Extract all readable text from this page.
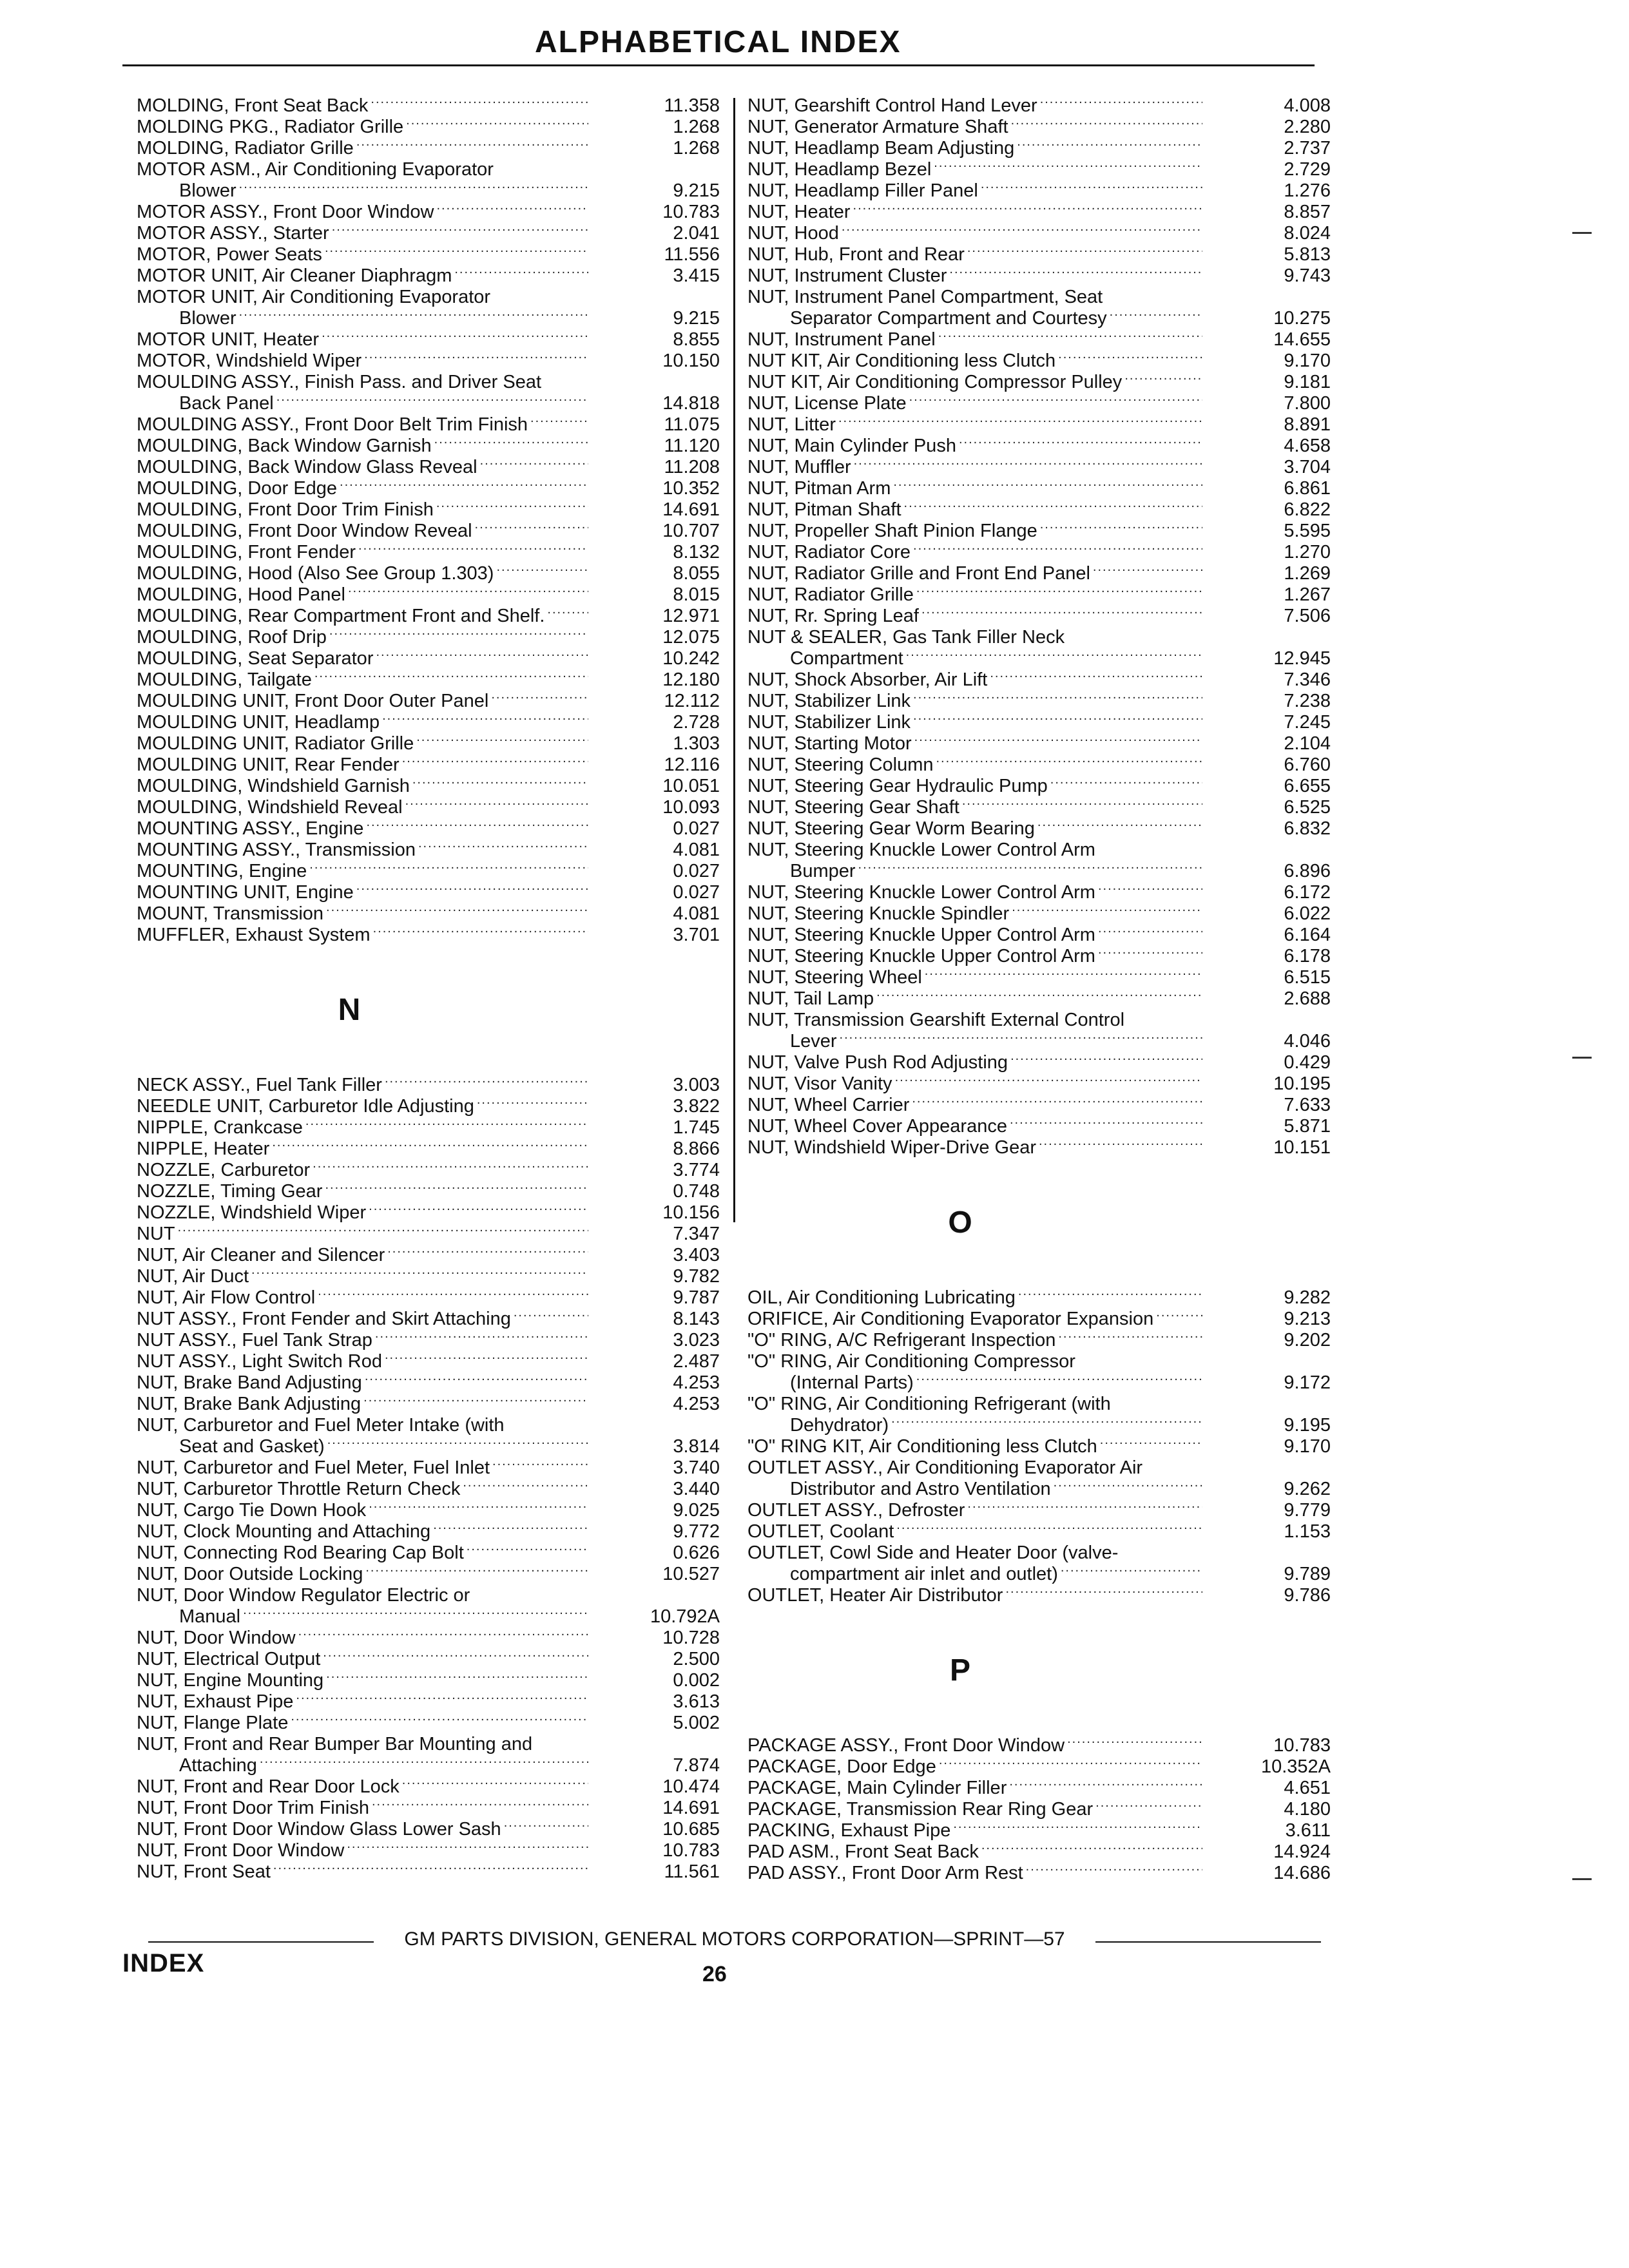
ALPHABETICAL INDEX
MOLDING, Front Seat Back .....	11.358
MOLDING PKG., Radiator Grille .....	1.268
MOLDING, Radiator Grille .....	1.268
MOTOR ASM., Air Conditioning Evaporator
Blower .....	9.215
MOTOR ASSY., Front Door Window .....	10.783
MOTOR ASSY., Starter .....	2.041
MOTOR, Power Seats .....	11.556
MOTOR UNIT, Air Cleaner Diaphragm .....	3.415
MOTOR UNIT, Air Conditioning Evaporator
Blower .....	9.215
MOTOR UNIT, Heater .....	8.855
MOTOR, Windshield Wiper .....	10.150
MOULDING ASSY., Finish Pass. and Driver Seat
Back Panel .....	14.818
MOULDING ASSY., Front Door Belt Trim Finish .....	11.075
MOULDING, Back Window Garnish .....	11.120
MOULDING, Back Window Glass Reveal .....	11.208
MOULDING, Door Edge .....	10.352
MOULDING, Front Door Trim Finish .....	14.691
MOULDING, Front Door Window Reveal .....	10.707
MOULDING, Front Fender .....	8.132
MOULDING, Hood (Also See Group 1.303) .....	8.055
MOULDING, Hood Panel .....	8.015
MOULDING, Rear Compartment Front and Shelf. .....	12.971
MOULDING, Roof Drip .....	12.075
MOULDING, Seat Separator .....	10.242
MOULDING, Tailgate .....	12.180
MOULDING UNIT, Front Door Outer Panel .....	12.112
MOULDING UNIT, Headlamp .....	2.728
MOULDING UNIT, Radiator Grille .....	1.303
MOULDING UNIT, Rear Fender .....	12.116
MOULDING, Windshield Garnish .....	10.051
MOULDING, Windshield Reveal .....	10.093
MOUNTING ASSY., Engine .....	0.027
MOUNTING ASSY., Transmission .....	4.081
MOUNTING, Engine .....	0.027
MOUNTING UNIT, Engine .....	0.027
MOUNT, Transmission .....	4.081
MUFFLER, Exhaust System .....	3.701
N
NECK ASSY., Fuel Tank Filler .....	3.003
NEEDLE UNIT, Carburetor Idle Adjusting .....	3.822
NIPPLE, Crankcase .....	1.745
NIPPLE, Heater .....	8.866
NOZZLE, Carburetor .....	3.774
NOZZLE, Timing Gear .....	0.748
NOZZLE, Windshield Wiper .....	10.156
NUT .....	7.347
NUT, Air Cleaner and Silencer .....	3.403
NUT, Air Duct .....	9.782
NUT, Air Flow Control .....	9.787
NUT ASSY., Front Fender and Skirt Attaching .....	8.143
NUT ASSY., Fuel Tank Strap .....	3.023
NUT ASSY., Light Switch Rod .....	2.487
NUT, Brake Band Adjusting .....	4.253
NUT, Brake Bank Adjusting .....	4.253
NUT, Carburetor and Fuel Meter Intake (with
Seat and Gasket) .....	3.814
NUT, Carburetor and Fuel Meter, Fuel Inlet .....	3.740
NUT, Carburetor Throttle Return Check .....	3.440
NUT, Cargo Tie Down Hook .....	9.025
NUT, Clock Mounting and Attaching .....	9.772
NUT, Connecting Rod Bearing Cap Bolt .....	0.626
NUT, Door Outside Locking .....	10.527
NUT, Door Window Regulator Electric or
Manual .....	10.792A
NUT, Door Window .....	10.728
NUT, Electrical Output .....	2.500
NUT, Engine Mounting .....	0.002
NUT, Exhaust Pipe .....	3.613
NUT, Flange Plate .....	5.002
NUT, Front and Rear Bumper Bar Mounting and
Attaching .....	7.874
NUT, Front and Rear Door Lock .....	10.474
NUT, Front Door Trim Finish .....	14.691
NUT, Front Door Window Glass Lower Sash .....	10.685
NUT, Front Door Window .....	10.783
NUT, Front Seat .....	11.561
NUT, Gearshift Control Hand Lever .....	4.008
NUT, Generator Armature Shaft .....	2.280
NUT, Headlamp Beam Adjusting .....	2.737
NUT, Headlamp Bezel .....	2.729
NUT, Headlamp Filler Panel .....	1.276
NUT, Heater .....	8.857
NUT, Hood .....	8.024
NUT, Hub, Front and Rear .....	5.813
NUT, Instrument Cluster .....	9.743
NUT, Instrument Panel Compartment, Seat
Separator Compartment and Courtesy .....	10.275
NUT, Instrument Panel .....	14.655
NUT KIT, Air Conditioning less Clutch .....	9.170
NUT KIT, Air Conditioning Compressor Pulley .....	9.181
NUT, License Plate .....	7.800
NUT, Litter .....	8.891
NUT, Main Cylinder Push .....	4.658
NUT, Muffler .....	3.704
NUT, Pitman Arm .....	6.861
NUT, Pitman Shaft .....	6.822
NUT, Propeller Shaft Pinion Flange .....	5.595
NUT, Radiator Core .....	1.270
NUT, Radiator Grille and Front End Panel .....	1.269
NUT, Radiator Grille .....	1.267
NUT, Rr. Spring Leaf .....	7.506
NUT & SEALER, Gas Tank Filler Neck
Compartment .....	12.945
NUT, Shock Absorber, Air Lift .....	7.346
NUT, Stabilizer Link .....	7.238
NUT, Stabilizer Link .....	7.245
NUT, Starting Motor .....	2.104
NUT, Steering Column .....	6.760
NUT, Steering Gear Hydraulic Pump .....	6.655
NUT, Steering Gear Shaft .....	6.525
NUT, Steering Gear Worm Bearing .....	6.832
NUT, Steering Knuckle Lower Control Arm
Bumper .....	6.896
NUT, Steering Knuckle Lower Control Arm .....	6.172
NUT, Steering Knuckle Spindler .....	6.022
NUT, Steering Knuckle Upper Control Arm .....	6.164
NUT, Steering Knuckle Upper Control Arm .....	6.178
NUT, Steering Wheel .....	6.515
NUT, Tail Lamp .....	2.688
NUT, Transmission Gearshift External Control
Lever .....	4.046
NUT, Valve Push Rod Adjusting .....	0.429
NUT, Visor Vanity .....	10.195
NUT, Wheel Carrier .....	7.633
NUT, Wheel Cover Appearance .....	5.871
NUT, Windshield Wiper-Drive Gear .....	10.151
O
OIL, Air Conditioning Lubricating .....	9.282
ORIFICE, Air Conditioning Evaporator Expansion .....	9.213
"O" RING, A/C Refrigerant Inspection .....	9.202
"O" RING, Air Conditioning Compressor
(Internal Parts) .....	9.172
"O" RING, Air Conditioning Refrigerant (with
Dehydrator) .....	9.195
"O" RING KIT, Air Conditioning less Clutch .....	9.170
OUTLET ASSY., Air Conditioning Evaporator Air
Distributor and Astro Ventilation .....	9.262
OUTLET ASSY., Defroster .....	9.779
OUTLET, Coolant .....	1.153
OUTLET, Cowl Side and Heater Door (valve-
compartment air inlet and outlet) .....	9.789
OUTLET, Heater Air Distributor .....	9.786
P
PACKAGE ASSY., Front Door Window .....	10.783
PACKAGE, Door Edge .....	10.352A
PACKAGE, Main Cylinder Filler .....	4.651
PACKAGE, Transmission Rear Ring Gear .....	4.180
PACKING, Exhaust Pipe .....	3.611
PAD ASM., Front Seat Back .....	14.924
PAD ASSY., Front Door Arm Rest .....	14.686
GM PARTS DIVISION, GENERAL MOTORS CORPORATION—SPRINT—57
INDEX	26
